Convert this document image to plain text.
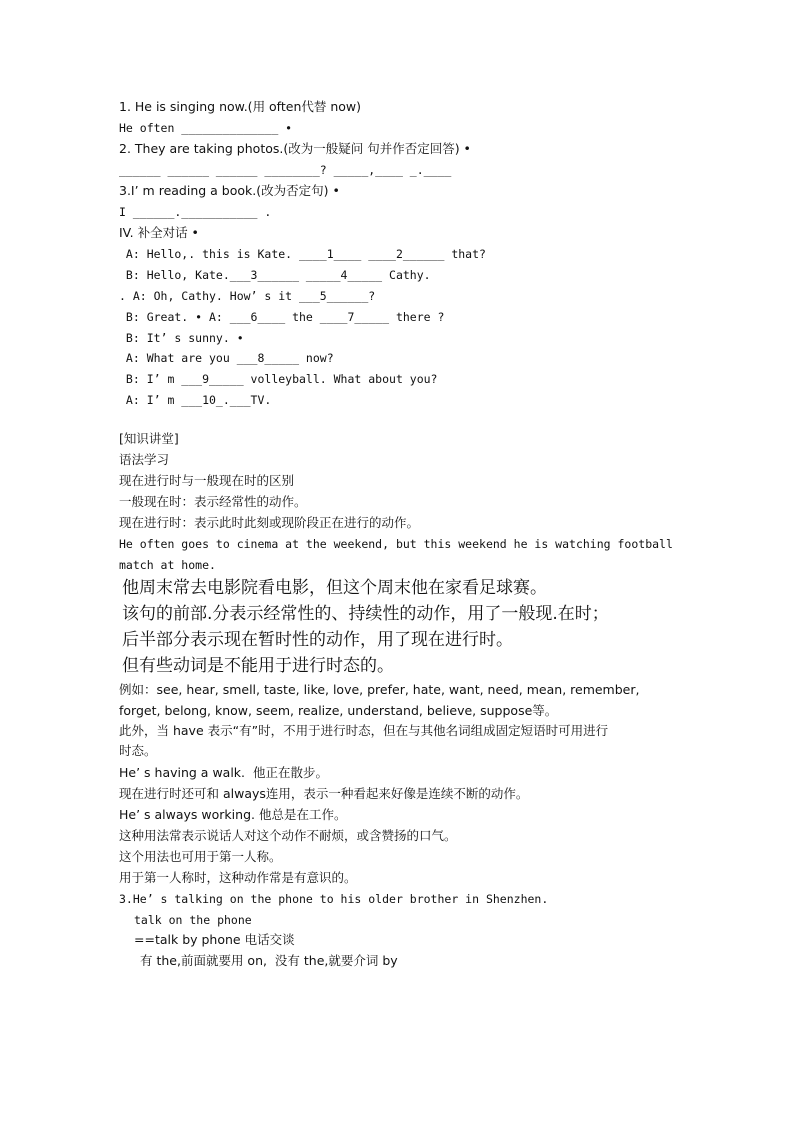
1. He is singing now.(用 often代替 now)
He often ______________ •
2. They are taking photos.(改为一般疑问 句并作否定回答) •
______ ______ ______ ________? _____,____ _.____
3.I’ m reading a book.(改为否定句) •
I ______.___________ .
IV. 补全对话 •
A: Hello,. this is Kate. ____1____ ____2______ that?
B: Hello, Kate.___3______ _____4_____ Cathy.
. A: Oh, Cathy. How’ s it ___5______?
B: Great. • A: ___6____ the ____7_____ there ?
B: It’ s sunny. •
A: What are you ___8_____ now?
B: I’ m ___9_____ volleyball. What about you?
A: I’ m ___10_.___TV.
[知识讲堂]
语法学习
现在进行时与一般现在时的区别
一般现在时：表示经常性的动作。
现在进行时：表示此时此刻或现阶段正在进行的动作。
He often goes to cinema at the weekend, but this weekend he is watching football
match at home.
他周末常去电影院看电影，但这个周末他在家看足球赛。
该句的前部.分表示经常性的、持续性的动作，用了一般现.在时；
后半部分表示现在暂时性的动作，用了现在进行时。
但有些动词是不能用于进行时态的。
例如：see, hear, smell, taste, like, love, prefer, hate, want, need, mean, remember,
forget, belong, know, seem, realize, understand, believe, suppose等。
此外，当 have 表示“有”时，不用于进行时态，但在与其他名词组成固定短语时可用进行
时态。
He’ s having a walk.  他正在散步。
现在进行时还可和 always连用，表示一种看起来好像是连续不断的动作。
He’ s always working. 他总是在工作。
这种用法常表示说话人对这个动作不耐烦，或含赞扬的口气。
这个用法也可用于第一人称。
用于第一人称时，这种动作常是有意识的。
3.He’ s talking on the phone to his older brother in Shenzhen.
talk on the phone
==talk by phone 电话交谈
有 the,前面就要用 on,  没有 the,就要介词 by
